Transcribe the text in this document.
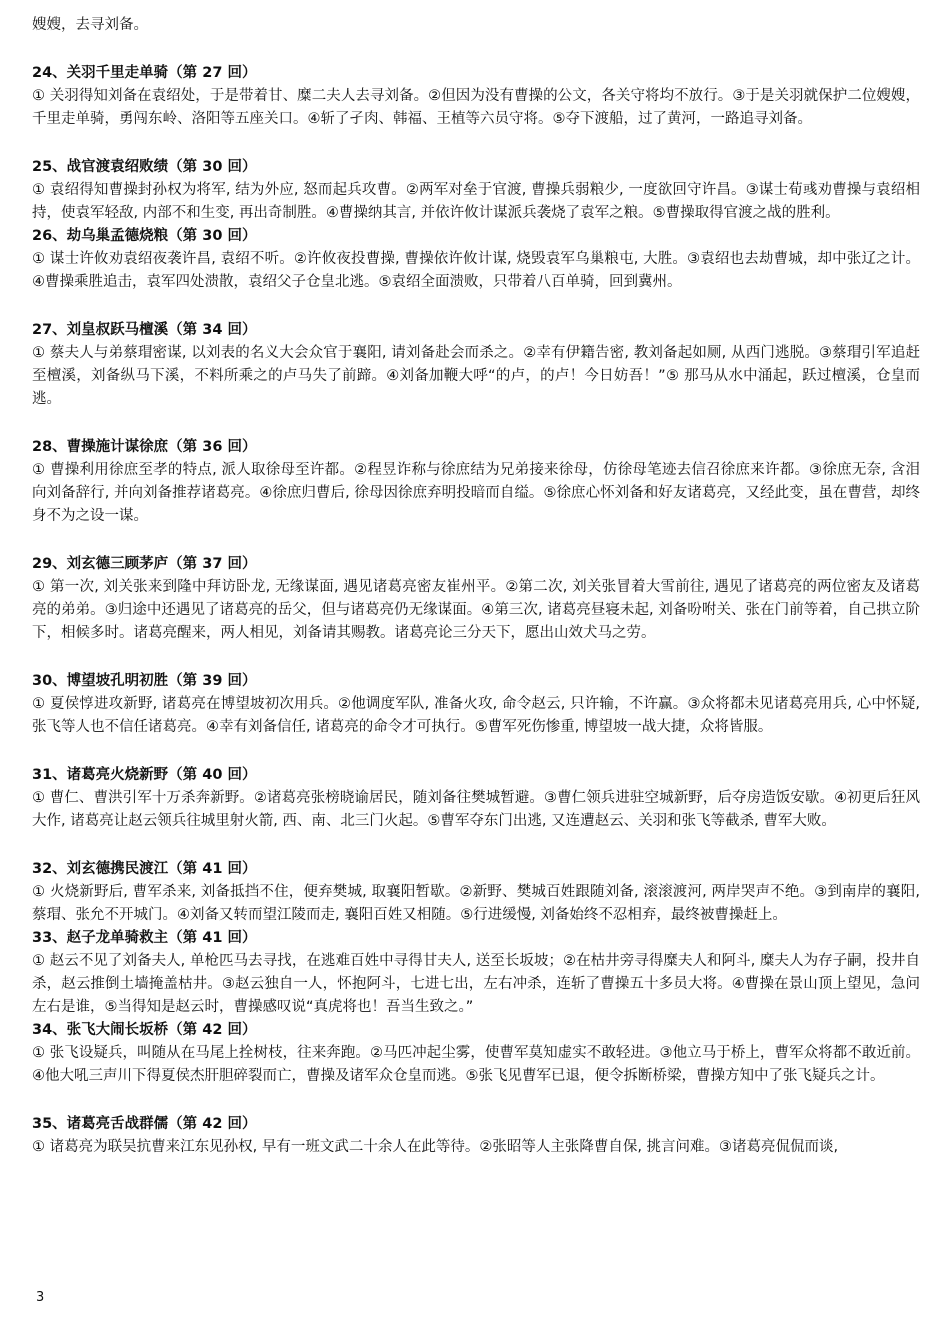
嫂嫂，去寻刘备。

24、关羽千里走单骑（第 27 回）

① 关羽得知刘备在袁绍处，于是带着甘、糜二夫人去寻刘备。②但因为没有曹操的公文，各关守将均不放行。③于是关羽就保护二位嫂嫂，千里走单骑，勇闯东岭、洛阳等五座关口。④斩了孑肉、韩福、王植等六员守将。⑤夺下渡船，过了黄河，一路追寻刘备。

25、战官渡袁绍败绩（第 30 回）

① 袁绍得知曹操封孙权为将军, 结为外应, 怒而起兵攻曹。②两军对垒于官渡, 曹操兵弱粮少, 一度欲回守许昌。③谋士荀彧劝曹操与袁绍相持，使袁军轻敌, 内部不和生变, 再出奇制胜。④曹操纳其言, 并依许攸计谋派兵袭烧了袁军之粮。⑤曹操取得官渡之战的胜利。

26、劫乌巢孟德烧粮（第 30 回）

① 谋士许攸劝袁绍夜袭许昌, 袁绍不听。②许攸夜投曹操, 曹操依许攸计谋, 烧毁袁军乌巢粮屯, 大胜。③袁绍也去劫曹城，却中张辽之计。④曹操乘胜追击，袁军四处溃散，袁绍父子仓皇北逃。⑤袁绍全面溃败，只带着八百单骑，回到冀州。

27、刘皇叔跃马檀溪（第 34 回）

① 蔡夫人与弟蔡瑁密谋, 以刘表的名义大会众官于襄阳, 请刘备赴会而杀之。②幸有伊籍告密, 教刘备起如厕, 从西门逃脱。③蔡瑁引军追赶至檀溪，刘备纵马下溪，不料所乘之的卢马失了前蹄。④刘备加鞭大呼“的卢，的卢！今日妨吾！”⑤ 那马从水中涌起，跃过檀溪，仓皇而逃。

28、曹操施计谋徐庶（第 36 回）

① 曹操利用徐庶至孝的特点, 派人取徐母至许都。②程昱诈称与徐庶结为兄弟接来徐母，仿徐母笔迹去信召徐庶来许都。③徐庶无奈, 含泪向刘备辞行, 并向刘备推荐诸葛亮。④徐庶归曹后, 徐母因徐庶弃明投暗而自缢。⑤徐庶心怀刘备和好友诸葛亮，又经此变，虽在曹营，却终身不为之设一谋。

29、刘玄德三顾茅庐（第 37 回）

① 第一次, 刘关张来到隆中拜访卧龙, 无缘谋面, 遇见诸葛亮密友崔州平。②第二次, 刘关张冒着大雪前往, 遇见了诸葛亮的两位密友及诸葛亮的弟弟。③归途中还遇见了诸葛亮的岳父，但与诸葛亮仍无缘谋面。④第三次, 诸葛亮昼寝未起, 刘备吩咐关、张在门前等着，自己拱立阶下，相候多时。诸葛亮醒来，两人相见，刘备请其赐教。诸葛亮论三分天下，愿出山效犬马之劳。

30、博望坡孔明初胜（第 39 回）

① 夏侯惇进攻新野, 诸葛亮在博望坡初次用兵。②他调度军队, 准备火攻, 命令赵云, 只许输，不许赢。③众将都未见诸葛亮用兵, 心中怀疑, 张飞等人也不信任诸葛亮。④幸有刘备信任, 诸葛亮的命令才可执行。⑤曹军死伤惨重, 博望坡一战大捷，众将皆服。

31、诸葛亮火烧新野（第 40 回）

① 曹仁、曹洪引军十万杀奔新野。②诸葛亮张榜晓谕居民，随刘备往樊城暂避。③曹仁领兵进驻空城新野，后夺房造饭安歇。④初更后狂风大作, 诸葛亮让赵云领兵往城里射火箭, 西、南、北三门火起。⑤曹军夺东门出逃, 又连遭赵云、关羽和张飞等截杀, 曹军大败。

32、刘玄德携民渡江（第 41 回）

① 火烧新野后, 曹军杀来, 刘备抵挡不住，便弃樊城, 取襄阳暂歇。②新野、樊城百姓跟随刘备, 滚滚渡河, 两岸哭声不绝。③到南岸的襄阳, 蔡瑁、张允不开城门。④刘备又转而望江陵而走, 襄阳百姓又相随。⑤行进缓慢, 刘备始终不忍相弃，最终被曹操赶上。

33、赵子龙单骑救主（第 41 回）

① 赵云不见了刘备夫人, 单枪匹马去寻找，在逃难百姓中寻得甘夫人, 送至长坂坡；②在枯井旁寻得糜夫人和阿斗, 糜夫人为存子嗣，投井自杀，赵云推倒土墙掩盖枯井。③赵云独自一人，怀抱阿斗，七进七出，左右冲杀，连斩了曹操五十多员大将。④曹操在景山顶上望见，急问左右是谁，⑤当得知是赵云时，曹操感叹说“真虎将也！吾当生致之。”

34、张飞大闹长坂桥（第 42 回）

① 张飞设疑兵，叫随从在马尾上拴树枝，往来奔跑。②马匹冲起尘雾，使曹军莫知虚实不敢轻进。③他立马于桥上，曹军众将都不敢近前。④他大吼三声川下得夏侯杰肝胆碎裂而亡，曹操及诸军众仓皇而逃。⑤张飞见曹军已退，便令拆断桥梁，曹操方知中了张飞疑兵之计。

35、诸葛亮舌战群儒（第 42 回）

① 诸葛亮为联吴抗曹来江东见孙权, 早有一班文武二十余人在此等待。②张昭等人主张降曹自保, 挑言问难。③诸葛亮侃侃而谈,

3
